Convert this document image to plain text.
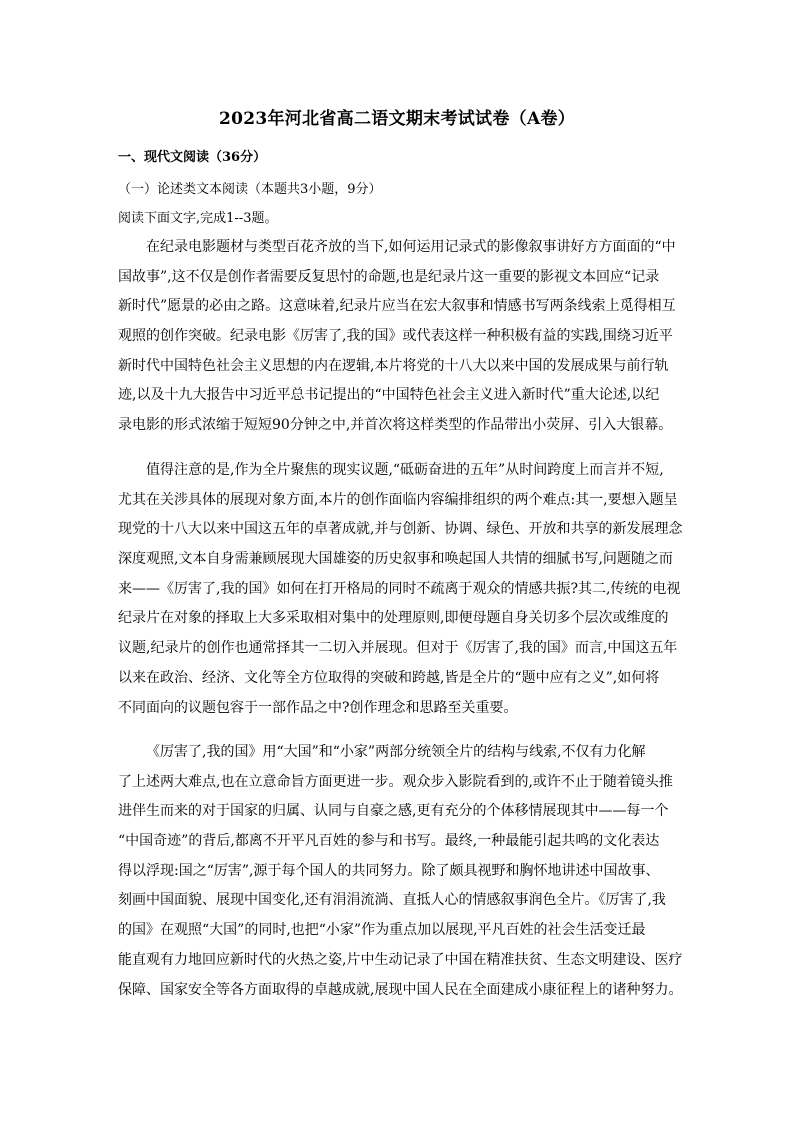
2023年河北省高二语文期末考试试卷（A卷）
一、现代文阅读（36分）
（一）论述类文本阅读（本题共3小题，9分）
阅读下面文字,完成1--3题。
在纪录电影题材与类型百花齐放的当下,如何运用记录式的影像叙事讲好方方面面的“中
国故事”,这不仅是创作者需要反复思忖的命题,也是纪录片这一重要的影视文本回应“记录
新时代”愿景的必由之路。这意味着,纪录片应当在宏大叙事和情感书写两条线索上觅得相互
观照的创作突破。纪录电影《厉害了,我的国》或代表这样一种积极有益的实践,围绕习近平
新时代中国特色社会主义思想的内在逻辑,本片将党的十八大以来中国的发展成果与前行轨
迹,以及十九大报告中习近平总书记提出的“中国特色社会主义进入新时代”重大论述,以纪
录电影的形式浓缩于短短90分钟之中,并首次将这样类型的作品带出小荧屏、引入大银幕。
值得注意的是,作为全片聚焦的现实议题,“砥砺奋进的五年”从时间跨度上而言并不短,
尤其在关涉具体的展现对象方面,本片的创作面临内容编排组织的两个难点:其一,要想入题呈
现党的十八大以来中国这五年的卓著成就,并与创新、协调、绿色、开放和共享的新发展理念
深度观照,文本自身需兼顾展现大国雄姿的历史叙事和唤起国人共情的细腻书写,问题随之而
来——《厉害了,我的国》如何在打开格局的同时不疏离于观众的情感共振?其二,传统的电视
纪录片在对象的择取上大多采取相对集中的处理原则,即便母题自身关切多个层次或维度的
议题,纪录片的创作也通常择其一二切入并展现。但对于《厉害了,我的国》而言,中国这五年
以来在政治、经济、文化等全方位取得的突破和跨越,皆是全片的“题中应有之义”,如何将
不同面向的议题包容于一部作品之中?创作理念和思路至关重要。
《厉害了,我的国》用“大国”和“小家”两部分统领全片的结构与线索,不仅有力化解
了上述两大难点,也在立意命旨方面更进一步。观众步入影院看到的,或许不止于随着镜头推
进伴生而来的对于国家的归属、认同与自豪之感,更有充分的个体移情展现其中——每一个
“中国奇迹”的背后,都离不开平凡百姓的参与和书写。最终,一种最能引起共鸣的文化表达
得以浮现:国之“厉害”,源于每个国人的共同努力。除了颇具视野和胸怀地讲述中国故事、
刻画中国面貌、展现中国变化,还有涓涓流淌、直抵人心的情感叙事润色全片。《厉害了,我
的国》在观照“大国”的同时,也把“小家”作为重点加以展现,平凡百姓的社会生活变迁最
能直观有力地回应新时代的火热之姿,片中生动记录了中国在精准扶贫、生态文明建设、医疗
保障、国家安全等各方面取得的卓越成就,展现中国人民在全面建成小康征程上的诸种努力。
